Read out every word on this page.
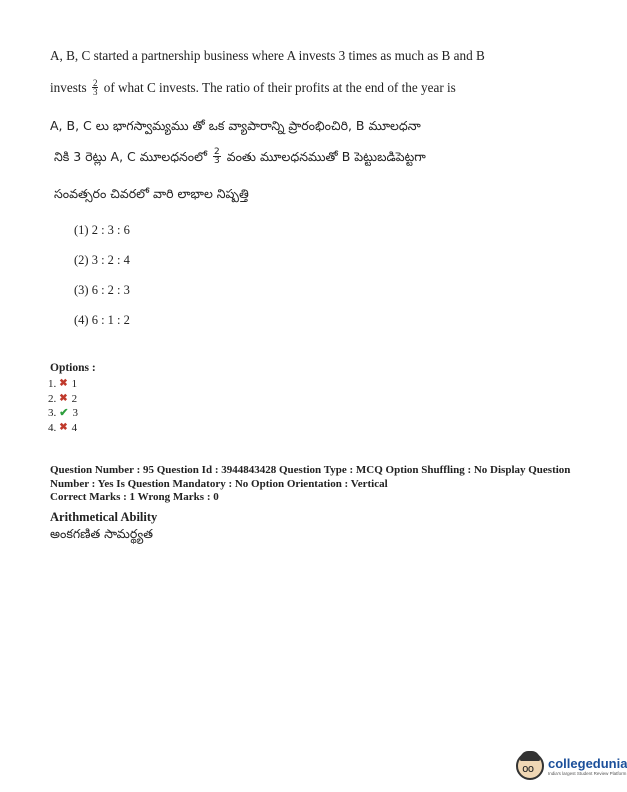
A, B, C started a partnership business where A invests 3 times as much as B and B
invests $\frac{2}{3}$ of what C invests. The ratio of their profits at the end of the year is
A, B, C లు భాగస్వామ్యము తో ఒక వ్యాపారాన్ని ప్రారంభించిరి, B మూలధనా
నికి 3 రెట్లు A, C మూలధనంలో $\frac{2}{3}$ వంతు మూలధనముతో B పెట్టుబడిపెట్టగా
సంవత్సరం చివరలో వారి లాభాల నిష్పత్తి
(1) 2 : 3 : 6
(2) 3 : 2 : 4
(3) 6 : 2 : 3
(4) 6 : 1 : 2
Options :
1. ✖ 1
2. ✖ 2
3. ✔ 3
4. ✖ 4
Question Number : 95 Question Id : 3944843428 Question Type : MCQ Option Shuffling : No Display Question
Number : Yes Is Question Mandatory : No Option Orientation : Vertical
Correct Marks : 1 Wrong Marks : 0
Arithmetical Ability
అంకగణిత సామర్థ్యత
oo
collegedunia
India's largest Student Review Platform
